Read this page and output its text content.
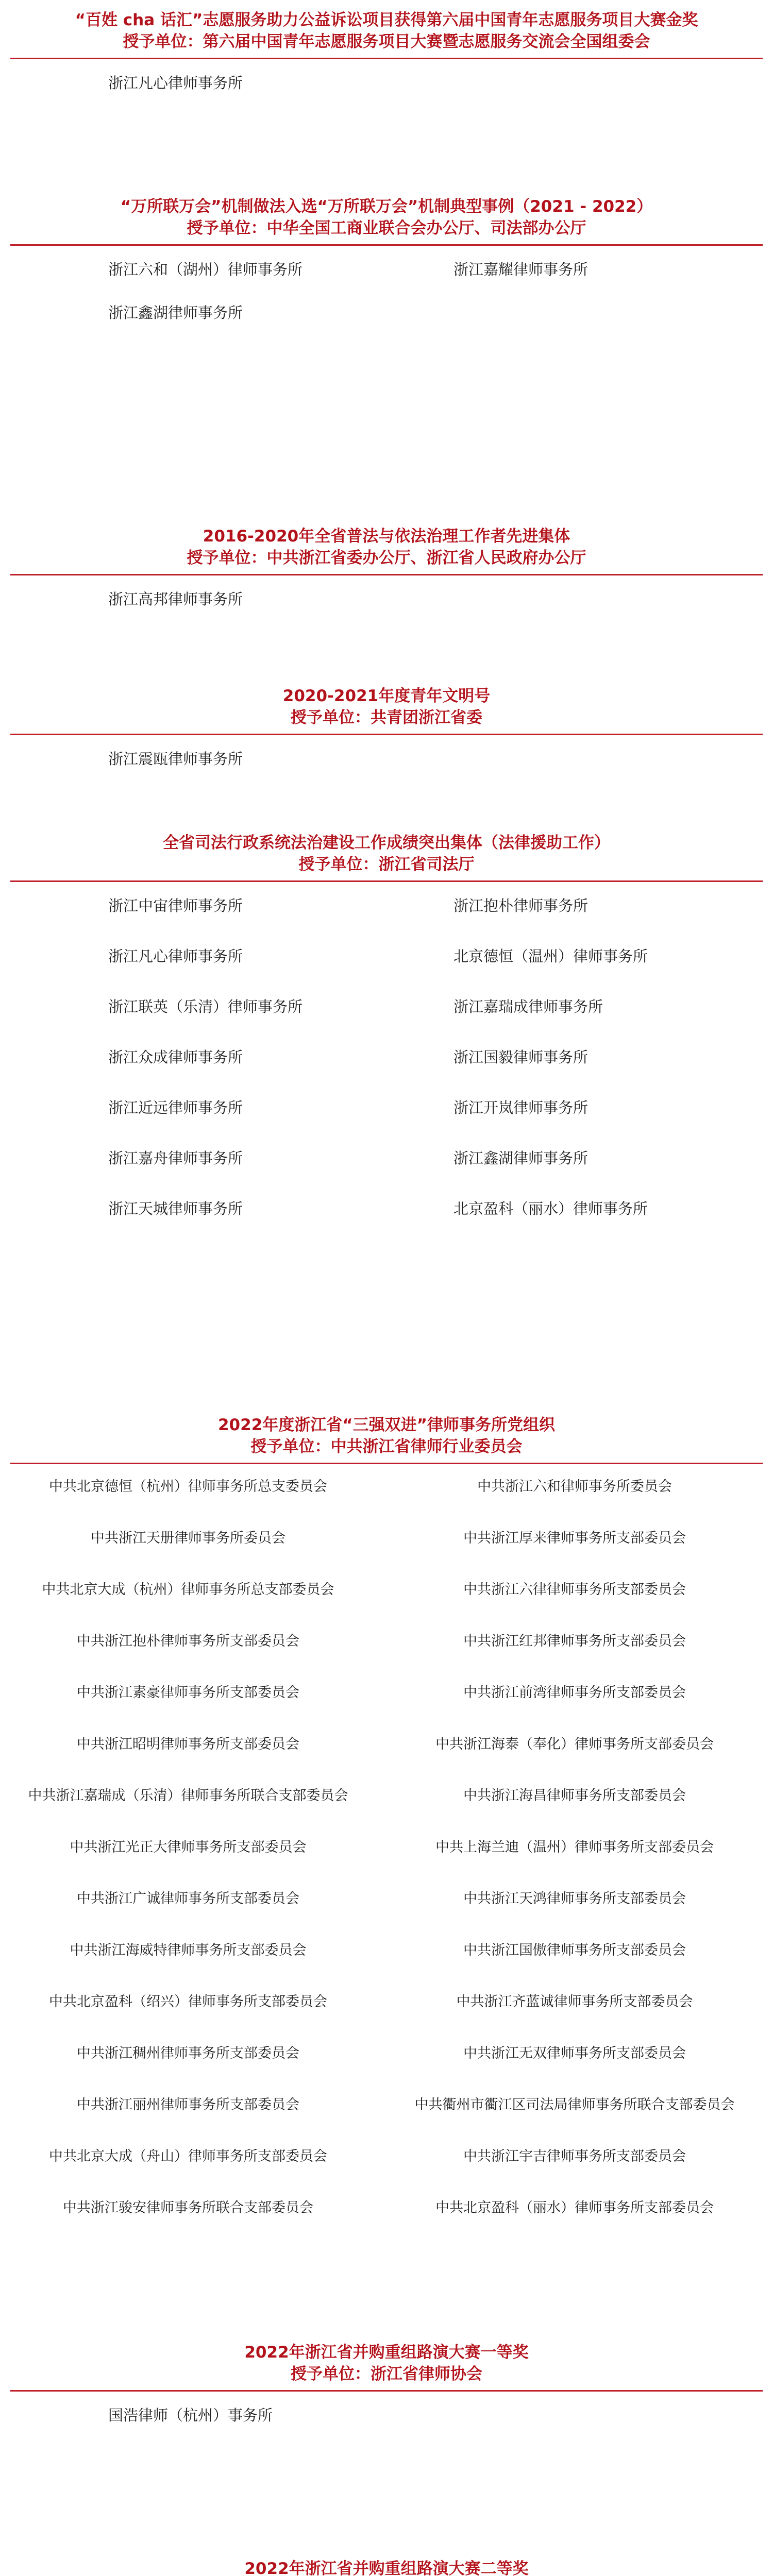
“百姓 cha 话汇”志愿服务助力公益诉讼项目获得第六届中国青年志愿服务项目大赛金奖
授予单位：第六届中国青年志愿服务项目大赛暨志愿服务交流会全国组委会
浙江凡心律师事务所
“万所联万会”机制做法入选“万所联万会”机制典型事例（2021 - 2022）
授予单位：中华全国工商业联合会办公厅、司法部办公厅
浙江六和（湖州）律师事务所	浙江嘉耀律师事务所
浙江鑫湖律师事务所
2016-2020年全省普法与依法治理工作者先进集体
授予单位：中共浙江省委办公厅、浙江省人民政府办公厅
浙江高邦律师事务所
2020-2021年度青年文明号
授予单位：共青团浙江省委
浙江震瓯律师事务所
全省司法行政系统法治建设工作成绩突出集体（法律援助工作）
授予单位：浙江省司法厅
浙江中宙律师事务所	浙江抱朴律师事务所
浙江凡心律师事务所	北京德恒（温州）律师事务所
浙江联英（乐清）律师事务所	浙江嘉瑞成律师事务所
浙江众成律师事务所	浙江国毅律师事务所
浙江近远律师事务所	浙江开岚律师事务所
浙江嘉舟律师事务所	浙江鑫湖律师事务所
浙江天城律师事务所	北京盈科（丽水）律师事务所
2022年度浙江省“三强双进”律师事务所党组织
授予单位：中共浙江省律师行业委员会
中共北京德恒（杭州）律师事务所总支委员会	中共浙江六和律师事务所委员会
中共浙江天册律师事务所委员会	中共浙江厚来律师事务所支部委员会
中共北京大成（杭州）律师事务所总支部委员会	中共浙江六律律师事务所支部委员会
中共浙江抱朴律师事务所支部委员会	中共浙江红邦律师事务所支部委员会
中共浙江素豪律师事务所支部委员会	中共浙江前湾律师事务所支部委员会
中共浙江昭明律师事务所支部委员会	中共浙江海泰（奉化）律师事务所支部委员会
中共浙江嘉瑞成（乐清）律师事务所联合支部委员会	中共浙江海昌律师事务所支部委员会
中共浙江光正大律师事务所支部委员会	中共上海兰迪（温州）律师事务所支部委员会
中共浙江广诚律师事务所支部委员会	中共浙江天鸿律师事务所支部委员会
中共浙江海威特律师事务所支部委员会	中共浙江国傲律师事务所支部委员会
中共北京盈科（绍兴）律师事务所支部委员会	中共浙江齐蓝诚律师事务所支部委员会
中共浙江稠州律师事务所支部委员会	中共浙江无双律师事务所支部委员会
中共浙江丽州律师事务所支部委员会	中共衢州市衢江区司法局律师事务所联合支部委员会
中共北京大成（舟山）律师事务所支部委员会	中共浙江宇吉律师事务所支部委员会
中共浙江骏安律师事务所联合支部委员会	中共北京盈科（丽水）律师事务所支部委员会
2022年浙江省并购重组路演大赛一等奖
授予单位：浙江省律师协会
国浩律师（杭州）事务所
2022年浙江省并购重组路演大赛二等奖
